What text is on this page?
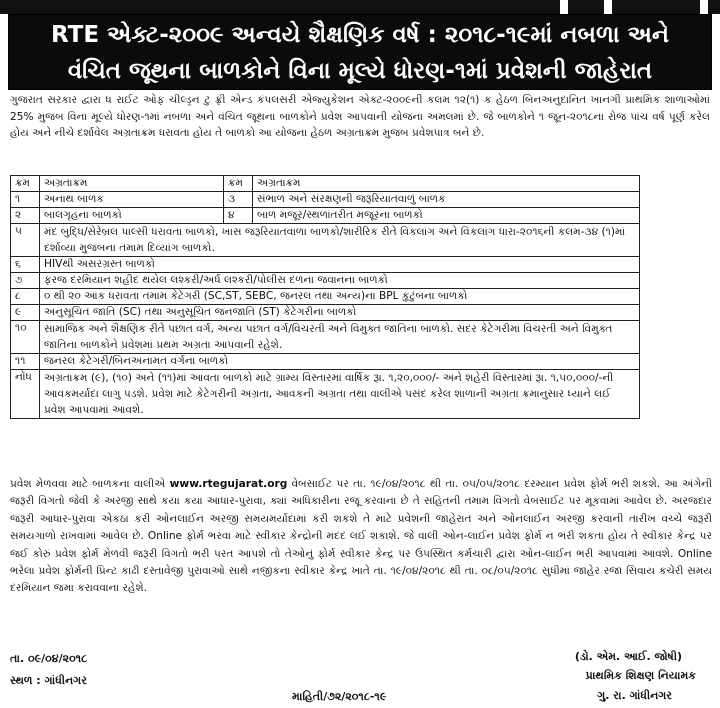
RTE એક્ટ-૨૦૦૯ અન્વયે શૈક્ષણિક વર્ષ : ૨૦૧૮-૧૯માં નબળા અને
વંચિત જૂથના બાળકોને વિના મૂલ્યે ધોરણ-૧માં પ્રવેશની જાહેરાત
ગુજરાત સરકાર દ્વારા ધ રાઈટ ઓફ ચીલ્ડ્રન ટુ ફ્રી એન્ડ કંપલસરી એજ્યુકેશન એક્ટ-૨૦૦૯ની કલમ ૧૨(૧) ક હેઠળ બિનઅનુદાનિત ખાનગી પ્રાથમિક શાળાઓમાં 25% મુજબ વિના મૂલ્યે ધોરણ-૧માં નબળા અને વંચિત જૂથના બાળકોને પ્રવેશ આપવાની યોજના અમલમાં છે. જે બાળકોને ૧ જૂન-૨૦૧૮ના રોજ પાંચ વર્ષ પૂર્ણ કરેલ હોય અને નીચે દર્શાવેલ અગ્રતાક્રમ ધરાવતા હોય તે બાળકો આ યોજના હેઠળ અગ્રતાક્રમ મુજબ પ્રવેશપાત્ર બને છે.
ક્રમ	અગ્રતાક્રમ	ક્રમ	અગ્રતાક્રમ
૧	અનાથ બાળક	૩	સંભાળ અને સંરક્ષણની જરૂરિયાતવાળું બાળક
૨	બાલગૃહના બાળકો	૪	બાળ મજૂર/સ્થળાંતરીત મજૂરના બાળકો
૫	મંદ બુદ્ધિ/સેરેબ્રલ પાલ્સી ધરાવતા બાળકો, ખાસ જરૂરિયાતવાળા બાળકો/શારીરિક રીતે વિકલાંગ અને વિકલાંગ ધારા-૨૦૧૬ની કલમ-૩૪ (૧)માં દર્શાવ્યા મુજબના તમામ દિવ્યાંગ બાળકો.		
૬	HIVથી અસરગ્રસ્ત બાળકો		
૭	ફરજ દરમિયાન શહીદ થયેલ લશ્કરી/અર્ધ લશ્કરી/પોલીસ દળના જવાનના બાળકો		
૮	૦ થી ૨૦ આંક ધરાવતા તમામ કેટેગરી (SC,ST, SEBC, જનરલ તથા અન્ય)ના BPL કુટુંબના બાળકો		
૯	અનુસૂચિત જાતિ (SC) તથા અનુસૂચિત જનજાતિ (ST) કેટેગરીના બાળકો		
૧૦	સામાજિક અને શૈક્ષણિક રીતે પછાત વર્ગ, અન્ય પછાત વર્ગ/વિચરતી અને વિમુક્ત જાતિના બાળકો. સદર કેટેગરીમાં વિચરતી અને વિમુક્ત જાતિના બાળકોને પ્રવેશમાં પ્રથમ અગ્રતા આપવાની રહેશે.		
૧૧	જનરલ કેટેગરી/બિનઅનામત વર્ગના બાળકો		
નોંધ	અગ્રતાક્રમ (૯), (૧૦) અને (૧૧)માં આવતા બાળકો માટે ગ્રામ્ય વિસ્તારમાં વાર્ષિક રૂા. ૧,૨૦,૦૦૦/- અને શહેરી વિસ્તારમાં રૂા. ૧,૫૦,૦૦૦/-ની આવકમર્યાદા લાગુ પડશે. પ્રવેશ માટે કેટેગરીની અગ્રતા, આવકની અગ્રતા તથા વાલીએ પસંદ કરેલ શાળાની અગ્રતા ક્રમાનુસાર ધ્યાને લઈ પ્રવેશ આપવામાં આવશે.		
પ્રવેશ મેળવવા માટે બાળકના વાલીએ www.rtegujarat.org વેબસાઈટ પર તા. ૧૯/૦૪/૨૦૧૮ થી તા. ૦૫/૦૫/૨૦૧૮ દરમ્યાન પ્રવેશ ફોર્મ ભરી શકશે. આ અંગેની જરૂરી વિગતો જેવી કે અરજી સાથે કયા કયા આધાર-પુરાવા, ક્યાં અધિકારીના રજૂ કરવાના છે તે સહિતની તમામ વિગતો વેબસાઈટ પર મૂકવામાં આવેલ છે. અરજદાર જરૂરી આધાર-પુરાવા એકઠા કરી ઓનલાઈન અરજી સમયમર્યાદામાં કરી શકશે તે માટે પ્રવેશની જાહેરાત અને ઓનલાઈન અરજી કરવાની તારીખ વચ્ચે જરૂરી સમયગાળો રાખવામાં આવેલ છે. Online ફોર્મ ભરવા માટે સ્વીકાર કેન્દ્રોની મદદ લઈ શકાશે. જે વાલી ઓન-લાઈન પ્રવેશ ફોર્મ ન ભરી શકતા હોય તે સ્વીકાર કેન્દ્ર પર જઈ કોરું પ્રવેશ ફોર્મ મેળવી જરૂરી વિગતો ભરી પરત આપશે તો તેઓનું ફોર્મ સ્વીકાર કેન્દ્ર પર ઉપસ્થિત કર્મચારી દ્વારા ઓન-લાઈન ભરી આપવામાં આવશે. Online ભરેલા પ્રવેશ ફોર્મની પ્રિન્ટ કાઢી દસ્તાવેજી પુરાવાઓ સાથે નજીકના સ્વીકાર કેન્દ્ર ખાતે તા. ૧૯/૦૪/૨૦૧૮ થી તા. ૦૮/૦૫/૨૦૧૮ સુધીમાં જાહેર રજા સિવાય કચેરી સમય દરમિયાન જમા કરાવવાના રહેશે.
તા. ૦૯/૦૪/૨૦૧૮
સ્થળ : ગાંધીનગર
માહિતી/૭૨/૨૦૧૮-૧૯
(ડો. એમ. આઈ. જોષી)
પ્રાથમિક શિક્ષણ નિયામક
ગુ. રા. ગાંધીનગર
